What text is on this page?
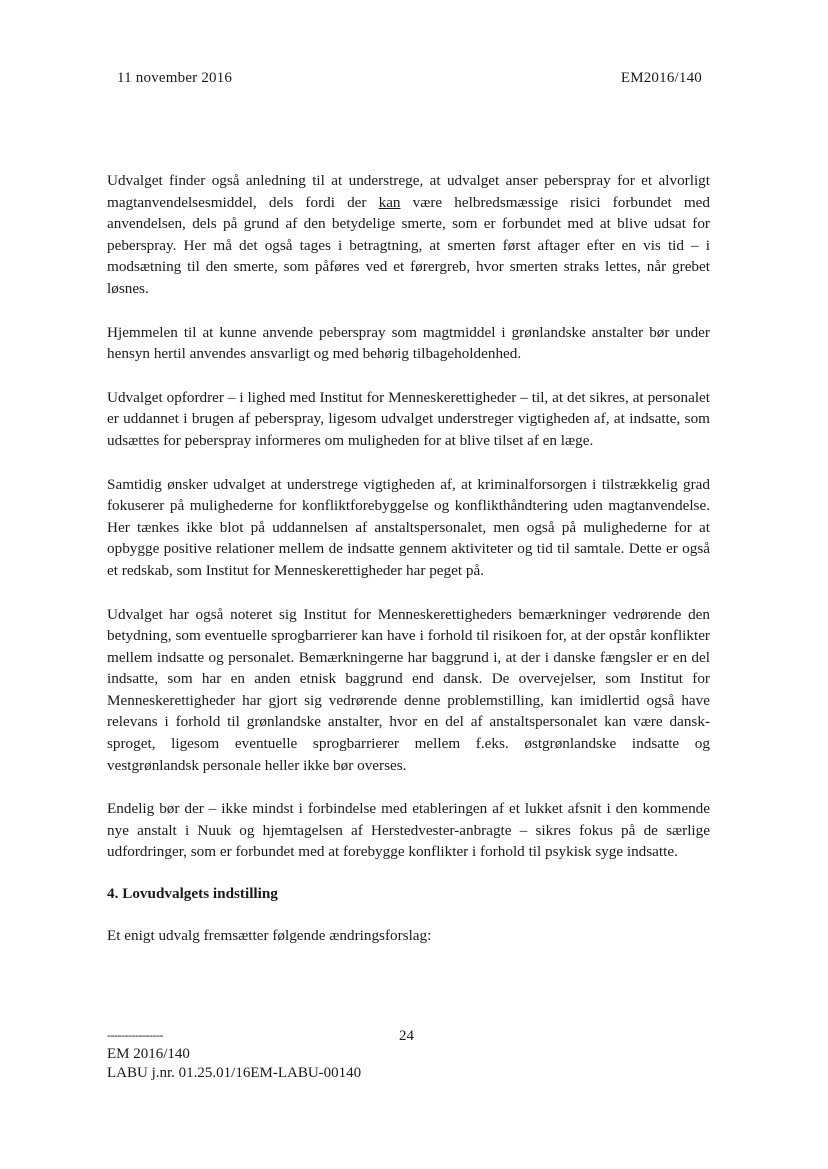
11 november 2016	EM2016/140

Udvalget finder også anledning til at understrege, at udvalget anser peberspray for et alvorligt magtanvendelsesmiddel, dels fordi der kan være helbredsmæssige risici forbundet med anvendelsen, dels på grund af den betydelige smerte, som er forbundet med at blive udsat for peberspray. Her må det også tages i betragtning, at smerten først aftager efter en vis tid – i modsætning til den smerte, som påføres ved et førergreb, hvor smerten straks lettes, når grebet løsnes.

Hjemmelen til at kunne anvende peberspray som magtmiddel i grønlandske anstalter bør under hensyn hertil anvendes ansvarligt og med behørig tilbageholdenhed.

Udvalget opfordrer – i lighed med Institut for Menneskerettigheder – til, at det sikres, at personalet er uddannet i brugen af peberspray, ligesom udvalget understreger vigtigheden af, at indsatte, som udsættes for peberspray informeres om muligheden for at blive tilset af en læge.

Samtidig ønsker udvalget at understrege vigtigheden af, at kriminalforsorgen i tilstrækkelig grad fokuserer på mulighederne for konfliktforebyggelse og konflikthåndtering uden magtanvendelse. Her tænkes ikke blot på uddannelsen af anstaltspersonalet, men også på mulighederne for at opbygge positive relationer mellem de indsatte gennem aktiviteter og tid til samtale. Dette er også et redskab, som Institut for Menneskerettigheder har peget på.

Udvalget har også noteret sig Institut for Menneskerettigheders bemærkninger vedrørende den betydning, som eventuelle sprogbarrierer kan have i forhold til risikoen for, at der opstår konflikter mellem indsatte og personalet. Bemærkningerne har baggrund i, at der i danske fængsler er en del indsatte, som har en anden etnisk baggrund end dansk. De overvejelser, som Institut for Menneskerettigheder har gjort sig vedrørende denne problemstilling, kan imidlertid også have relevans i forhold til grønlandske anstalter, hvor en del af anstaltspersonalet kan være dansk-sproget, ligesom eventuelle sprogbarrierer mellem f.eks. østgrønlandske indsatte og vestgrønlandsk personale heller ikke bør overses.

Endelig bør der – ikke mindst i forbindelse med etableringen af et lukket afsnit i den kommende nye anstalt i Nuuk og hjemtagelsen af Herstedvester-anbragte – sikres fokus på de særlige udfordringer, som er forbundet med at forebygge konflikter i forhold til psykisk syge indsatte.

4. Lovudvalgets indstilling

Et enigt udvalg fremsætter følgende ændringsforslag:

----------------	24
EM 2016/140
LABU j.nr. 01.25.01/16EM-LABU-00140
